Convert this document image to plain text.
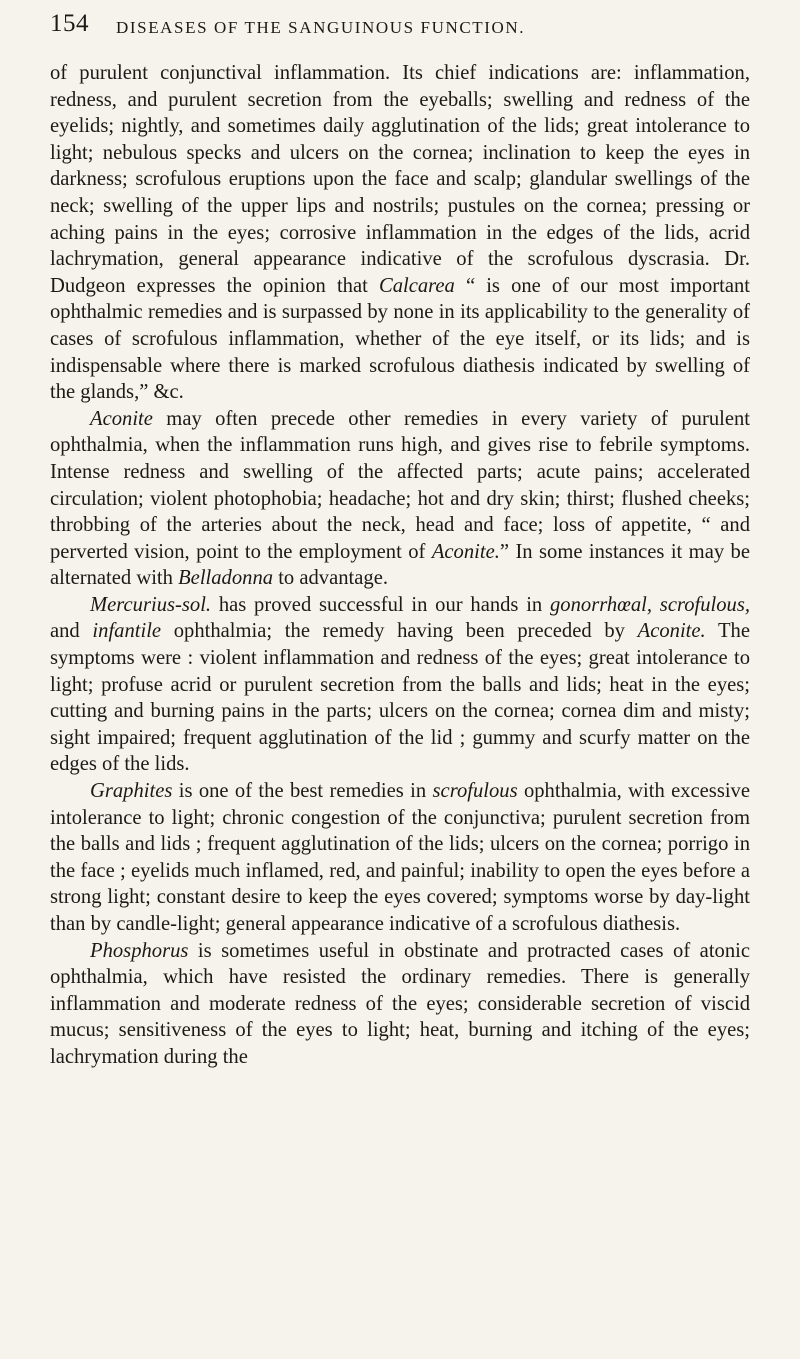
154 DISEASES OF THE SANGUINOUS FUNCTION.

of purulent conjunctival inflammation. Its chief indications are: inflammation, redness, and purulent secretion from the eyeballs; swelling and redness of the eyelids; nightly, and sometimes daily agglutination of the lids; great intolerance to light; nebulous specks and ulcers on the cornea; inclination to keep the eyes in darkness; scrofulous eruptions upon the face and scalp; glandular swellings of the neck; swelling of the upper lips and nostrils; pustules on the cornea; pressing or aching pains in the eyes; corrosive inflammation in the edges of the lids, acrid lachrymation, general appearance indicative of the scrofulous dyscrasia. Dr. Dudgeon expresses the opinion that Calcarea “ is one of our most important ophthalmic remedies and is surpassed by none in its applicability to the generality of cases of scrofulous inflammation, whether of the eye itself, or its lids; and is indispensable where there is marked scrofulous diathesis indicated by swelling of the glands,” &c.

Aconite may often precede other remedies in every variety of purulent ophthalmia, when the inflammation runs high, and gives rise to febrile symptoms. Intense redness and swelling of the affected parts; acute pains; accelerated circulation; violent photophobia; headache; hot and dry skin; thirst; flushed cheeks; throbbing of the arteries about the neck, head and face; loss of appetite, “ and perverted vision, point to the employment of Aconite.” In some instances it may be alternated with Belladonna to advantage.

Mercurius-sol. has proved successful in our hands in gonorrhœal, scrofulous, and infantile ophthalmia; the remedy having been preceded by Aconite. The symptoms were : violent inflammation and redness of the eyes; great intolerance to light; profuse acrid or purulent secretion from the balls and lids; heat in the eyes; cutting and burning pains in the parts; ulcers on the cornea; cornea dim and misty; sight impaired; frequent agglutination of the lid ; gummy and scurfy matter on the edges of the lids.

Graphites is one of the best remedies in scrofulous ophthalmia, with excessive intolerance to light; chronic congestion of the conjunctiva; purulent secretion from the balls and lids ; frequent agglutination of the lids; ulcers on the cornea; porrigo in the face ; eyelids much inflamed, red, and painful; inability to open the eyes before a strong light; constant desire to keep the eyes covered; symptoms worse by day-light than by candle-light; general appearance indicative of a scrofulous diathesis.

Phosphorus is sometimes useful in obstinate and protracted cases of atonic ophthalmia, which have resisted the ordinary remedies. There is generally inflammation and moderate redness of the eyes; considerable secretion of viscid mucus; sensitiveness of the eyes to light; heat, burning and itching of the eyes; lachrymation during the
